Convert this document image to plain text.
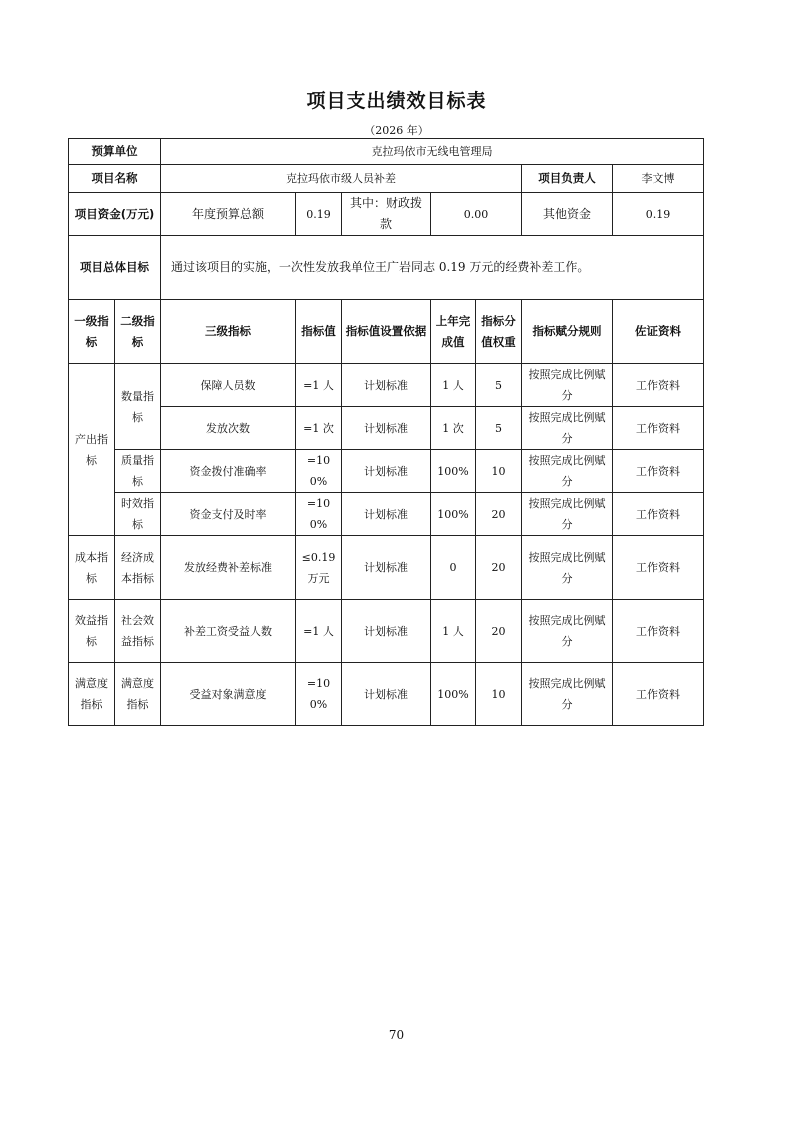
项目支出绩效目标表
（2026 年）
预算单位		克拉玛依市无线电管理局						
项目名称		克拉玛依市级人员补差					项目负责人	李文博
项目资金(万元)		年度预算总额	0.19	其中：财政拨款	0.00		其他资金	0.19
项目总体目标		通过该项目的实施，一次性发放我单位王广岩同志 0.19 万元的经费补差工作。						
一级指标	二级指标	三级指标	指标值	指标值设置依据	上年完成值	指标分值权重	指标赋分规则	佐证资料
产出指标	数量指标	保障人员数	=1 人	计划标准	1 人	5	按照完成比例赋分	工作资料
		发放次数	=1 次	计划标准	1 次	5	按照完成比例赋分	工作资料
	质量指标	资金拨付准确率	=100%	计划标准	100%	10	按照完成比例赋分	工作资料
	时效指标	资金支付及时率	=100%	计划标准	100%	20	按照完成比例赋分	工作资料
成本指标	经济成本指标	发放经费补差标准	≤0.19 万元	计划标准	0	20	按照完成比例赋分	工作资料
效益指标	社会效益指标	补差工资受益人数	=1 人	计划标准	1 人	20	按照完成比例赋分	工作资料
满意度指标	满意度指标	受益对象满意度	=100%	计划标准	100%	10	按照完成比例赋分	工作资料
70
